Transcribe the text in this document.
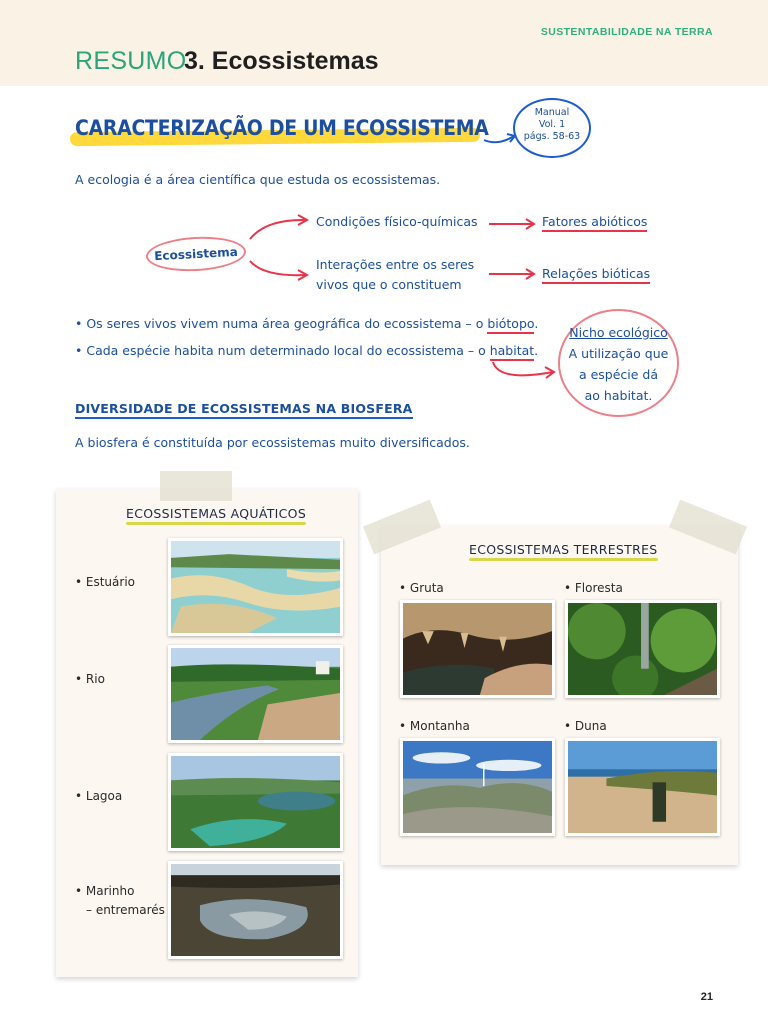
SUSTENTABILIDADE NA TERRA
RESUMO
3. Ecossistemas
CARACTERIZAÇÃO DE UM ECOSSISTEMA
Manual
Vol. 1
págs. 58-63
A ecologia é a área científica que estuda os ecossistemas.
Ecossistema
Condições físico-químicas
Interações entre os seres
vivos que o constituem
Fatores abióticos
Relações bióticas
• Os seres vivos vivem numa área geográfica do ecossistema – o biótopo.
• Cada espécie habita num determinado local do ecossistema – o habitat.
Nicho ecológico
A utilização que
a espécie dá
ao habitat.
DIVERSIDADE DE ECOSSISTEMAS NA BIOSFERA
A biosfera é constituída por ecossistemas muito diversificados.
ECOSSISTEMAS AQUÁTICOS
• Estuário
• Rio
• Lagoa
• Marinho
– entremarés
ECOSSISTEMAS TERRESTRES
• Gruta	• Floresta
• Montanha	• Duna
21
